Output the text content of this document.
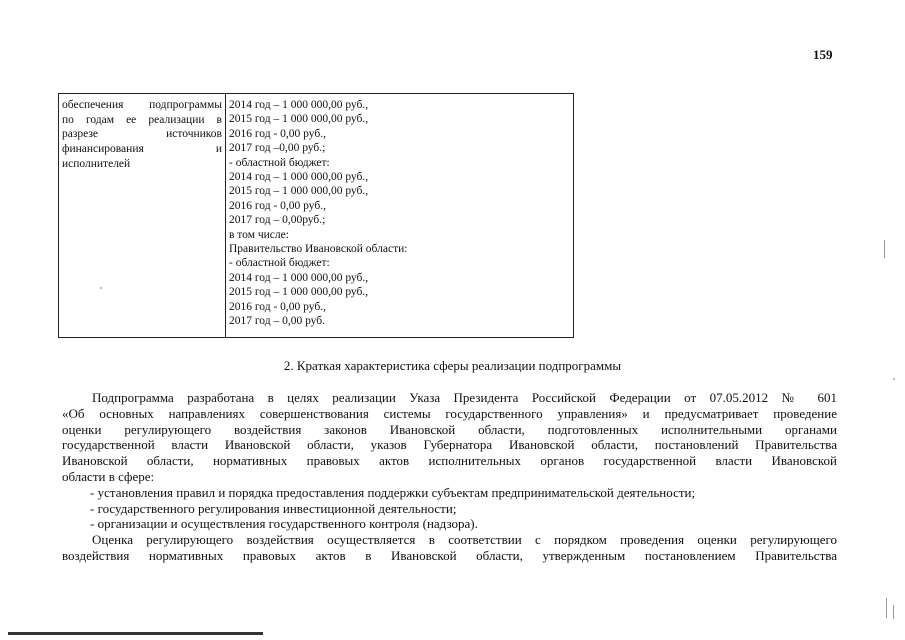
159
обеспечения подпрограммы
по годам ее реализации в
разрезе	источников
финансирования	и
исполнителей
2014 год – 1 000 000,00 руб.,
2015 год – 1 000 000,00 руб.,
2016 год - 0,00 руб.,
2017 год –0,00 руб.;
- областной бюджет:
2014 год – 1 000 000,00 руб.,
2015 год – 1 000 000,00 руб.,
2016 год - 0,00 руб.,
2017 год – 0,00руб.;
в том числе:
Правительство Ивановской области:
- областной бюджет:
2014 год – 1 000 000,00 руб.,
2015 год – 1 000 000,00 руб.,
2016 год - 0,00 руб.,
2017 год – 0,00 руб.
2. Краткая характеристика сферы реализации подпрограммы

Подпрограмма разработана в целях реализации Указа Президента Российской Федерации от 07.05.2012 № 601

«Об основных направлениях совершенствования системы государственного управления» и предусматривает проведение

оценки регулирующего воздействия законов Ивановской области, подготовленных исполнительными органами

государственной власти Ивановской области, указов Губернатора Ивановской области, постановлений Правительства

Ивановской области, нормативных правовых актов исполнительных органов государственной власти Ивановской

области в сфере:

- установления правил и порядка предоставления поддержки субъектам предпринимательской деятельности;

- государственного регулирования инвестиционной деятельности;

- организации и осуществления государственного контроля (надзора).

Оценка регулирующего воздействия осуществляется в соответствии с порядком проведения оценки регулирующего

воздействия нормативных правовых актов в Ивановской области, утвержденным постановлением Правительства
